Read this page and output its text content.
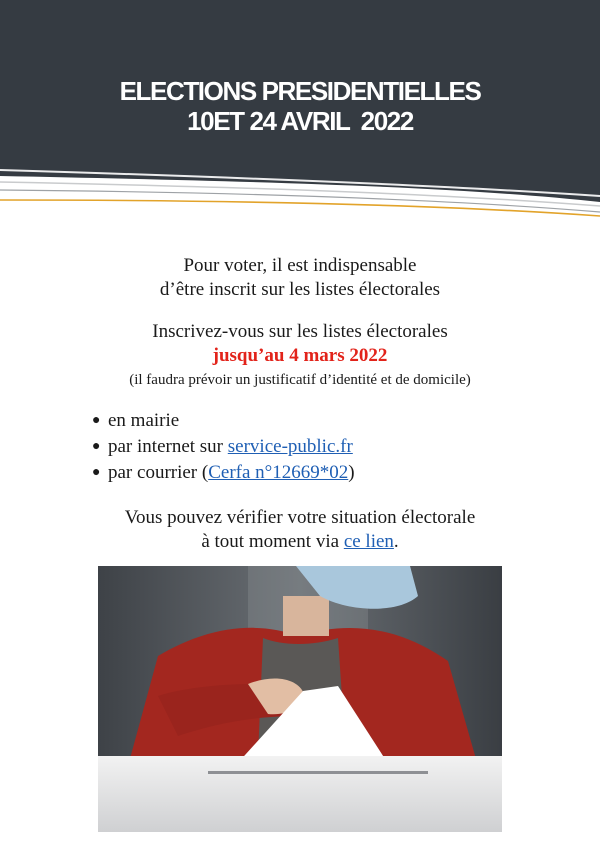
ELECTIONS PRESIDENTIELLES
10ET 24 AVRIL  2022
Pour voter, il est indispensable
d’être inscrit sur les listes électorales
Inscrivez-vous sur les listes électorales
jusqu’au 4 mars 2022
(il faudra prévoir un justificatif d’identité et de domicile)
● en mairie
● par internet sur service-public.fr
● par courrier (Cerfa n°12669*02)
Vous pouvez vérifier votre situation électorale
à tout moment via ce lien.
